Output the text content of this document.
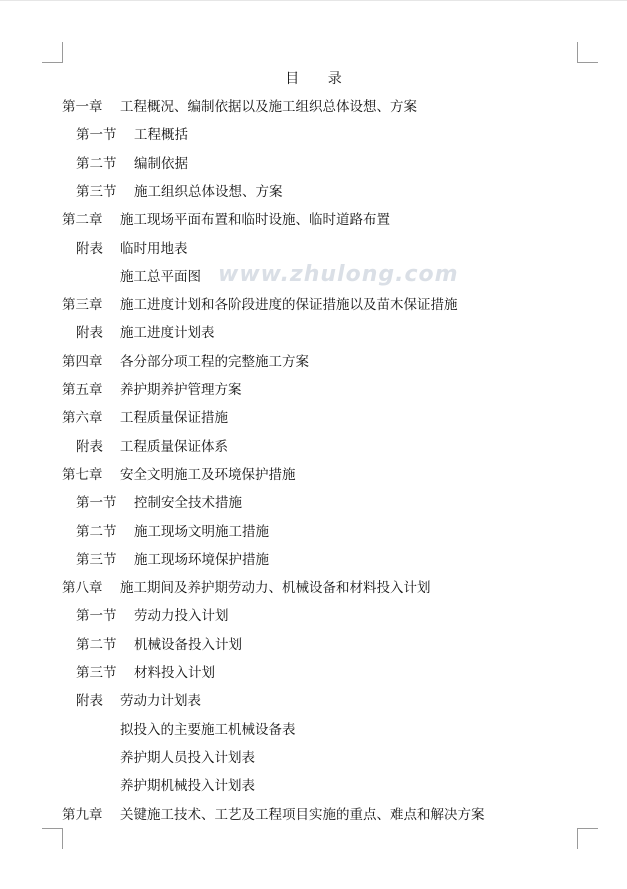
目 录
www.zhulong.com
第一章 工程概况、编制依据以及施工组织总体设想、方案
第一节 工程概括
第二节 编制依据
第三节 施工组织总体设想、方案
第二章 施工现场平面布置和临时设施、临时道路布置
附表 临时用地表
施工总平面图
第三章 施工进度计划和各阶段进度的保证措施以及苗木保证措施
附表 施工进度计划表
第四章 各分部分项工程的完整施工方案
第五章 养护期养护管理方案
第六章 工程质量保证措施
附表 工程质量保证体系
第七章 安全文明施工及环境保护措施
第一节 控制安全技术措施
第二节 施工现场文明施工措施
第三节 施工现场环境保护措施
第八章 施工期间及养护期劳动力、机械设备和材料投入计划
第一节 劳动力投入计划
第二节 机械设备投入计划
第三节 材料投入计划
附表 劳动力计划表
拟投入的主要施工机械设备表
养护期人员投入计划表
养护期机械投入计划表
第九章 关键施工技术、工艺及工程项目实施的重点、难点和解决方案
